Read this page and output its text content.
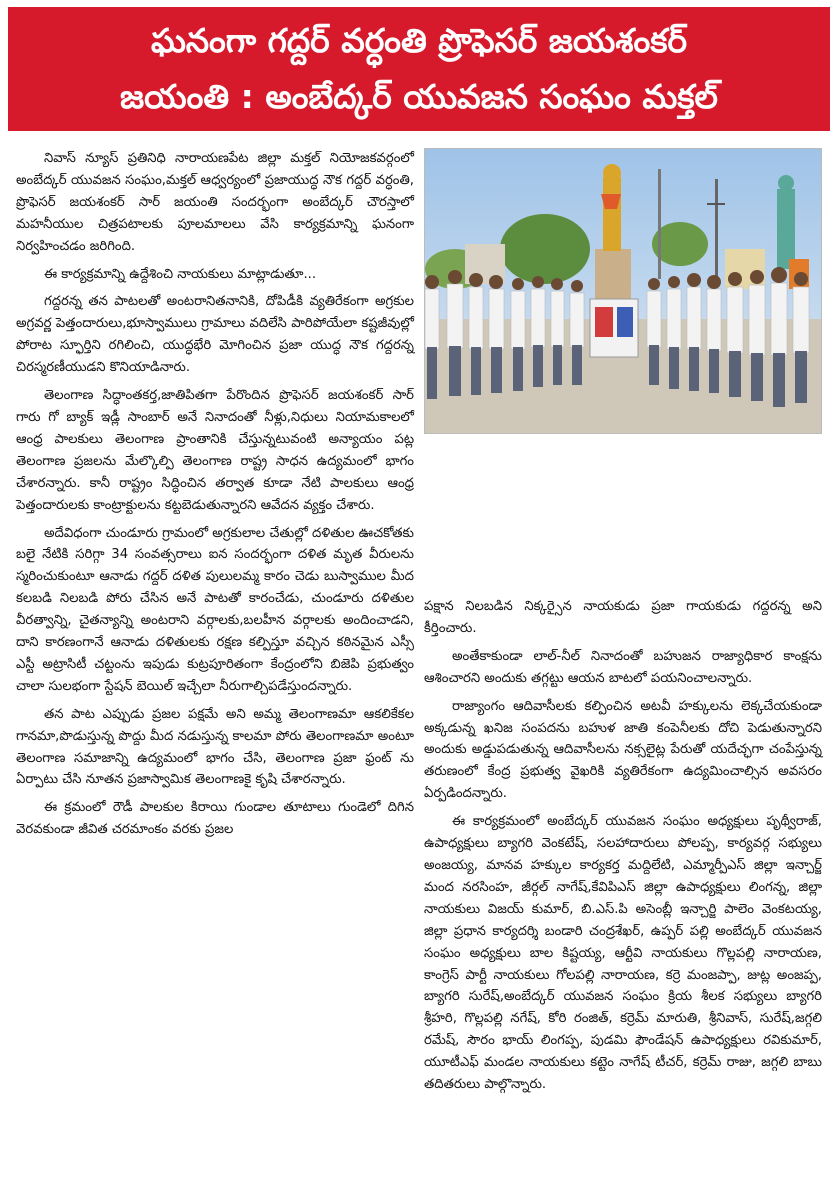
ఘనంగా గద్దర్ వర్ధంతి ప్రొఫెసర్ జయశంకర్
జయంతి : అంబేద్కర్ యువజన సంఘం మక్తల్

నివాస్ న్యూస్ ప్రతినిధి నారాయణపేట జిల్లా మక్తల్ నియోజకవర్గంలో అంబేద్కర్ యువజన సంఘం,మక్తల్ ఆధ్వర్యంలో ప్రజాయుద్ధ నౌక గద్దర్ వర్ధంతి, ప్రొఫెసర్ జయశంకర్ సార్ జయంతి సందర్భంగా అంబేద్కర్ చౌరస్తాలో మహనీయుల చిత్రపటాలకు పూలమాలలు వేసి కార్యక్రమాన్ని ఘనంగా నిర్వహించడం జరిగింది.

ఈ కార్యక్రమాన్ని ఉద్దేశించి నాయకులు మాట్లాడుతూ...

గద్దరన్న తన పాటలతో అంటరానితనానికి, దోపిడీకి వ్యతిరేకంగా అగ్రకుల అగ్రవర్ణ పెత్తందారులు,భూస్వాములు గ్రామాలు వదిలేసి పారిపోయేలా కష్టజీవుల్లో పోరాట స్ఫూర్తిని రగిలించి, యుద్ధభేరి మోగించిన ప్రజా యుద్ధ నౌక గద్దరన్న చిరస్మరణీయుడని కొనియాడినారు.

తెలంగాణ సిద్ధాంతకర్త,జాతిపితగా పేరొందిన ప్రొఫెసర్ జయశంకర్ సార్ గారు గో బ్యాక్ ఇడ్లీ సాంబార్ అనే నినాదంతో నీళ్లు,నిధులు నియామకాలలో ఆంధ్ర పాలకులు తెలంగాణ ప్రాంతానికి చేస్తున్నటువంటి అన్యాయం పట్ల తెలంగాణ ప్రజలను మేల్కొల్పి తెలంగాణ రాష్ట్ర సాధన ఉద్యమంలో భాగం చేశారన్నారు. కానీ రాష్ట్రం సిద్ధించిన తర్వాత కూడా నేటి పాలకులు ఆంధ్ర పెత్తందారులకు కాంట్రాక్టులను కట్టబెడుతున్నారని ఆవేదన వ్యక్తం చేశారు.

అదేవిధంగా చుండూరు గ్రామంలో అగ్రకులాల చేతుల్లో దళితుల ఊచకోతకు బలై నేటికి సరిగ్గా 34 సంవత్సరాలు ఐన సందర్భంగా దళిత మృత వీరులను స్మరించుకుంటూ ఆనాడు గద్దర్ దళిత పులులమ్మ కారం చెడు బుస్వాముల మీద కలబడి నిలబడి పోరు చేసిన అనే పాటతో కారంచేడు, చుండూరు దళితుల వీరత్వాన్ని, చైతన్యాన్ని అంటరాని వర్గాలకు,బలహీన వర్గాలకు అందించాడని, దాని కారణంగానే ఆనాడు దళితులకు రక్షణ కల్పిస్తూ వచ్చిన కఠినమైన ఎస్సీ ఎస్టీ అట్రాసిటీ చట్టంను ఇపుడు కుట్రపూరితంగా కేంద్రంలోని బిజెపి ప్రభుత్వం చాలా సులభంగా స్టేషన్ బెయిల్ ఇచ్చేలా నీరుగాల్చిపడేస్తుందన్నారు.

తన పాట ఎప్పుడు ప్రజల పక్షమే అని అమ్మ తెలంగాణమా ఆకలికేకల గానమా,పొడుస్తున్న పొద్దు మీద నడుస్తున్న కాలమా పోరు తెలంగాణమా అంటూ తెలంగాణ సమాజాన్ని ఉద్యమంలో భాగం చేసి, తెలంగాణ ప్రజా ఫ్రంట్ ను ఏర్పాటు చేసి నూతన ప్రజాస్వామిక తెలంగాణకై కృషి చేశారన్నారు.

ఈ క్రమంలో రౌడీ పాలకుల కిరాయి గుండాల తూటాలు గుండెలో దిగిన వెరవకుండా జీవిత చరమాంకం వరకు ప్రజల

పక్షాన నిలబడిన నిక్కర్సైన నాయకుడు ప్రజా గాయకుడు గద్దరన్న అని కీర్తించారు.

అంతేకాకుండా లాల్-నీల్ నినాదంతో బహుజన రాజ్యాధికార కాంక్షను ఆశించారని అందుకు తగ్గట్టు ఆయన బాటలో పయనించాలన్నారు.

రాజ్యాంగం ఆదివాసీలకు కల్పించిన అటవీ హక్కులను లెక్కచేయకుండా అక్కడున్న ఖనిజ సంపదను బహుళ జాతి కంపెనీలకు దోచి పెడుతున్నారని అందుకు అడ్డుపడుతున్న ఆదివాసీలను నక్సలైట్ల పేరుతో యదేచ్ఛగా చంపేస్తున్న తరుణంలో కేంద్ర ప్రభుత్వ వైఖరికి వ్యతిరేకంగా ఉద్యమించాల్సిన అవసరం ఏర్పడిందన్నారు.

ఈ కార్యక్రమంలో అంబేద్కర్ యువజన సంఘం అధ్యక్షులు పృథ్వీరాజ్, ఉపాధ్యక్షులు బ్యాగరి వెంకటేష్, సలహాదారులు పోలప్ప, కార్యవర్గ సభ్యులు అంజయ్య, మానవ హక్కుల కార్యకర్త మద్దిలేటి, ఎమ్మార్పీఎస్ జిల్లా ఇన్చార్జ్ మంద నరసింహ, జీర్గల్ నాగేష్,కేవిపిఎస్ జిల్లా ఉపాధ్యక్షులు లింగన్న, జిల్లా నాయకులు విజయ్ కుమార్, బి.ఎస్.పి అసెంబ్లీ ఇన్చార్జి పాలెం వెంకటయ్య, జిల్లా ప్రధాన కార్యదర్శి బండారి చంద్రశేఖర్, ఉప్పర్ పల్లి అంబేద్కర్ యువజన సంఘం అధ్యక్షులు బాల కిష్టయ్య, ఆర్టీవి నాయకులు గొల్లపల్లి నారాయణ, కాంగ్రెస్ పార్టీ నాయకులు గోలపల్లి నారాయణ, కర్రె మంజప్పా, జుట్ల అంజప్ప, బ్యాగరి సురేష్,అంబేద్కర్ యువజన సంఘం క్రియ శీలక సభ్యులు బ్యాగరి శ్రీహరి, గొల్లపల్లి నగేష్, కోరి రంజిత్, కర్రెమ్ మారుతి, శ్రీనివాస్, సురేష్,జగ్గలి రమేష్, సౌరం భాయ్ లింగప్ప, పుడమి ఫౌండేషన్ ఉపాధ్యక్షులు రవికుమార్, యూటీఎఫ్ మండల నాయకులు కట్టెం నాగేష్ టీచర్, కర్రెమ్ రాజు, జగ్గలి బాబు తదితరులు పాల్గొన్నారు.
